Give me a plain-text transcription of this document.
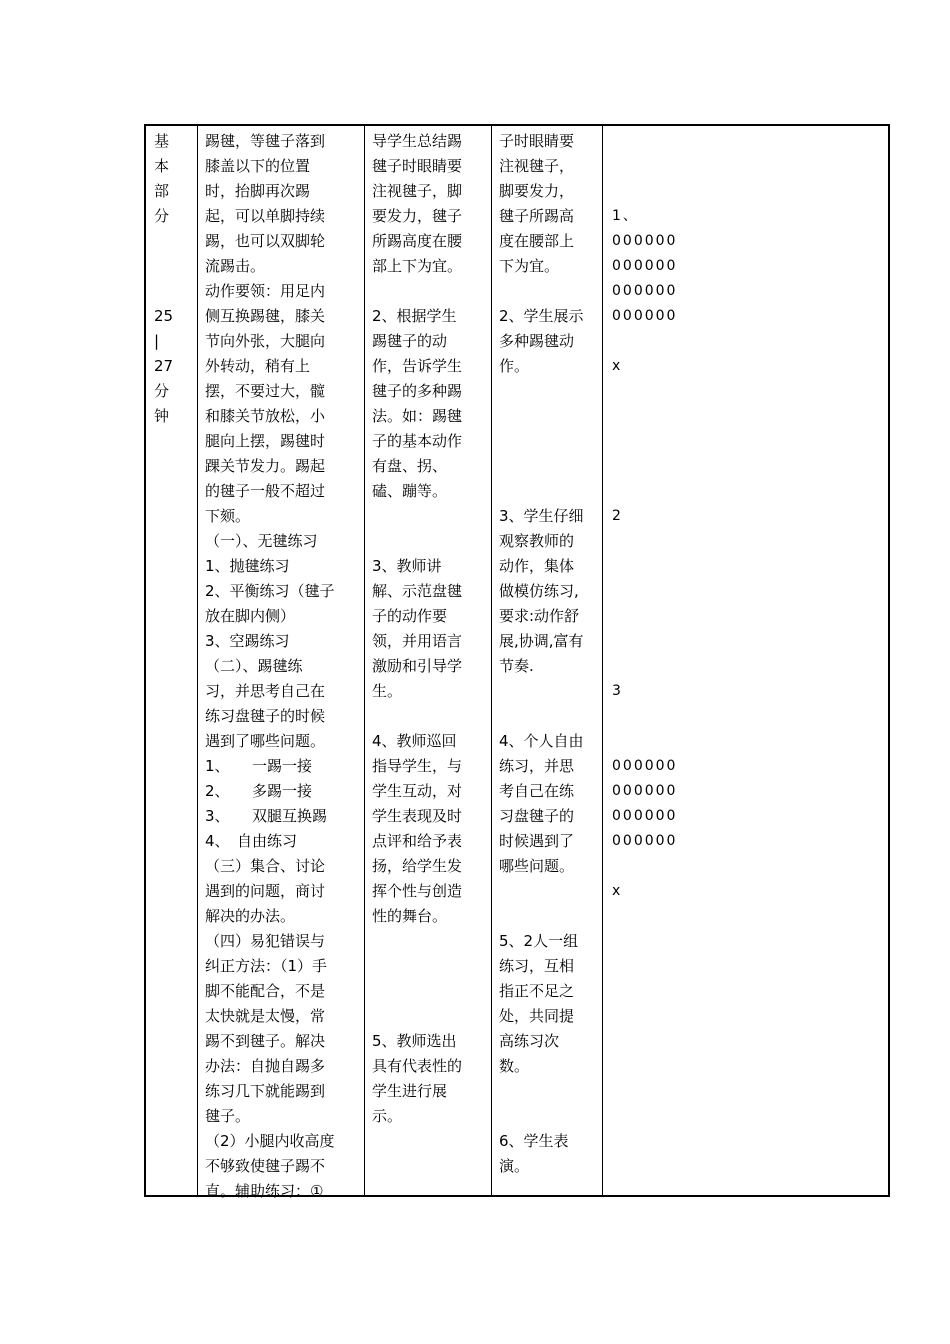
基
本
部
分
25
|
27
分
钟
踢毽，等毽子落到
膝盖以下的位置
时，抬脚再次踢
起，可以单脚持续
踢，也可以双脚轮
流踢击。
动作要领：用足内
侧互换踢毽，膝关
节向外张，大腿向
外转动，稍有上
摆，不要过大，髋
和膝关节放松，小
腿向上摆，踢毽时
踝关节发力。踢起
的毽子一般不超过
下颏。
（一）、无毽练习
1、抛毽练习
2、平衡练习（毽子
放在脚内侧）
3、空踢练习
（二）、踢毽练
习，并思考自己在
练习盘毽子的时候
遇到了哪些问题。
1、　　一踢一接
2、　　多踢一接
3、　　双腿互换踢
4、　自由练习
（三）集合、讨论
遇到的问题，商讨
解决的办法。
（四）易犯错误与
纠正方法：（1）手
脚不能配合，不是
太快就是太慢，常
踢不到毽子。解决
办法：自抛自踢多
练习几下就能踢到
毽子。
（2）小腿内收高度
不够致使毽子踢不
直。辅助练习：①
导学生总结踢
毽子时眼睛要
注视毽子，脚
要发力，毽子
所踢高度在腰
部上下为宜。
2、根据学生
踢毽子的动
作，告诉学生
毽子的多种踢
法。如：踢毽
子的基本动作
有盘、拐、
磕、蹦等。
3、教师讲
解、示范盘毽
子的动作要
领，并用语言
激励和引导学
生。
4、教师巡回
指导学生，与
学生互动，对
学生表现及时
点评和给予表
扬，给学生发
挥个性与创造
性的舞台。
5、教师选出
具有代表性的
学生进行展
示。
子时眼睛要
注视毽子，
脚要发力，
毽子所踢高
度在腰部上
下为宜。
2、学生展示
多种踢毽动
作。
3、学生仔细
观察教师的
动作，集体
做模仿练习,
要求:动作舒
展,协调,富有
节奏.
4、个人自由
练习，并思
考自己在练
习盘毽子的
时候遇到了
哪些问题。
5、2人一组
练习，互相
指正不足之
处，共同提
高练习次
数。
6、学生表
演。
1、
000000
000000
000000
000000
x
2
3
000000
000000
000000
000000
x
